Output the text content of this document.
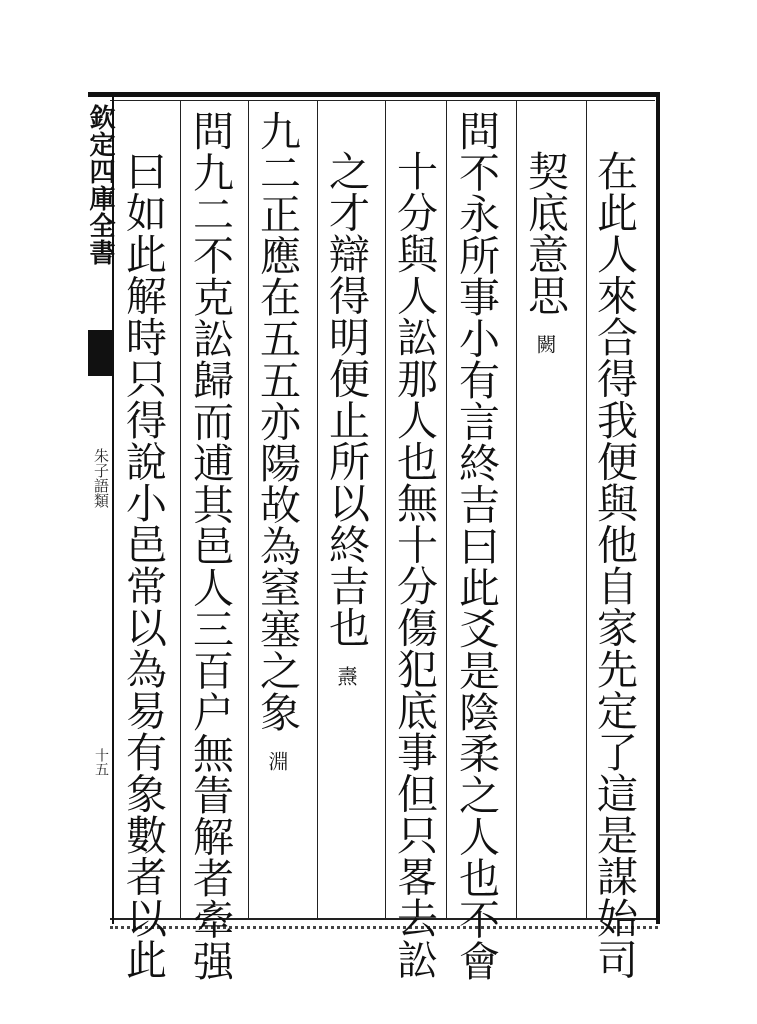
欽定四庫全書
朱子語類
十五	在此人來合得我便與他自家先定了這是謀始司
契底意思闕
問不永所事小有言終吉曰此爻是陰柔之人也不會
十分與人訟那人也無十分傷犯底事但只畧去訟
之才辯得明便止所以終吉也燾
九二正應在五五亦陽故為窒塞之象淵
問九二不克訟歸而逋其邑人三百户無眚解者牽强
曰如此解時只得說小邑常以為易有象數者以此
